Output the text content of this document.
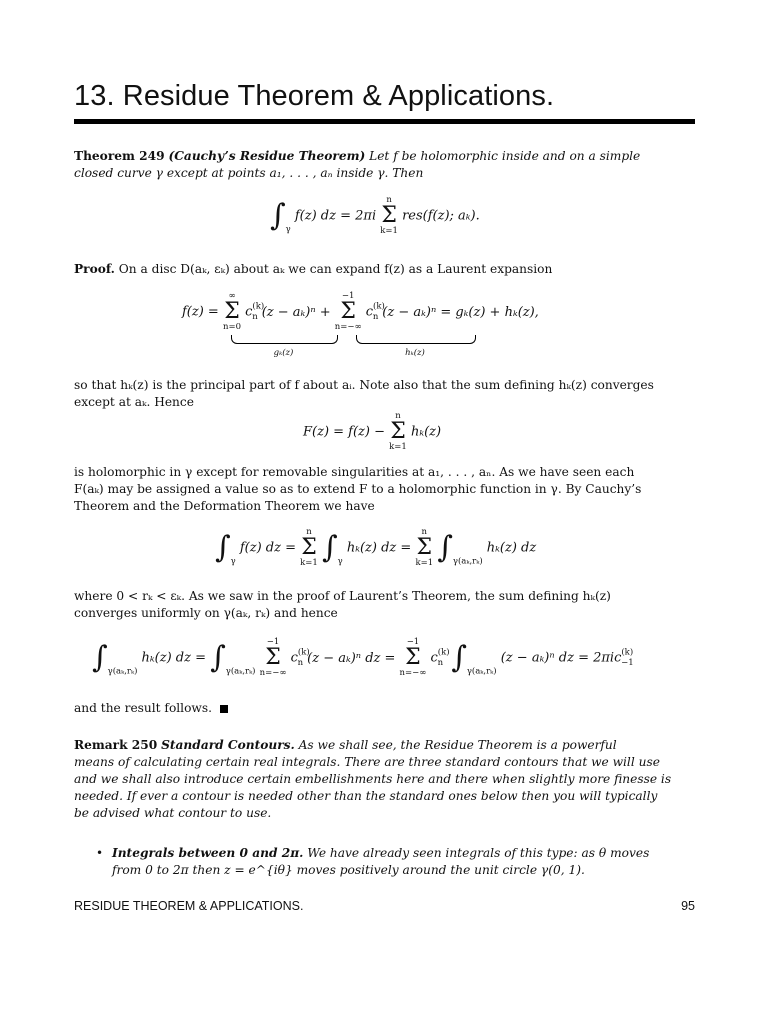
13. Residue Theorem & Applications.
Theorem 249 (Cauchy’s Residue Theorem) Let f be holomorphic inside and on a simple
closed curve γ except at points a₁, . . . , aₙ inside γ. Then
$\int_\gamma$ f(z) dz = 2πi
n
Σ
k=1
res(f(z); aₖ).
Proof. On a disc D(aₖ, εₖ) about aₖ we can expand f(z) as a Laurent expansion
f(z) =
∞
Σ
n=0
$c^{(k)}_n$ (z − aₖ)ⁿ +
−1
Σ
n=−∞
$c^{(k)}_n$ (z − aₖ)ⁿ = gₖ(z) + hₖ(z),
gₖ(z)	hₖ(z)
so that hₖ(z) is the principal part of f about aᵢ. Note also that the sum defining hₖ(z) converges
except at aₖ. Hence
F(z) = f(z) −
n
Σ
k=1
hₖ(z)
is holomorphic in γ except for removable singularities at a₁, . . . , aₙ. As we have seen each
F(aₖ) may be assigned a value so as to extend F to a holomorphic function in γ. By Cauchy’s
Theorem and the Deformation Theorem we have
$\int_\gamma$ f(z) dz =
n
Σ
k=1 $\int_\gamma$ hₖ(z) dz =
n
Σ
k=1 $\int_{\gamma(a_k,r_k)}$ hₖ(z) dz
where 0 < rₖ < εₖ. As we saw in the proof of Laurent’s Theorem, the sum defining hₖ(z)
converges uniformly on γ(aₖ, rₖ) and hence
$\int_{\gamma(a_k,r_k)}$ hₖ(z) dz = $\int_{\gamma(a_k,r_k)}$
−1
Σ
n=−∞
$c^{(k)}_n$ (z − aₖ)ⁿ dz =
−1
Σ
n=−∞
$c^{(k)}_n$ $\int_{\gamma(a_k,r_k)}$ (z − aₖ)ⁿ dz = 2πic$^{(k)}_{-1}$
and the result follows.
Remark 250 Standard Contours. As we shall see, the Residue Theorem is a powerful
means of calculating certain real integrals. There are three standard contours that we will use
and we shall also introduce certain embellishments here and there when slightly more finesse is
needed. If ever a contour is needed other than the standard ones below then you will typically
be advised what contour to use.
• Integrals between 0 and 2π. We have already seen integrals of this type: as θ moves
from 0 to 2π then z = e^{iθ} moves positively around the unit circle γ(0, 1).
RESIDUE THEOREM & APPLICATIONS.	95
